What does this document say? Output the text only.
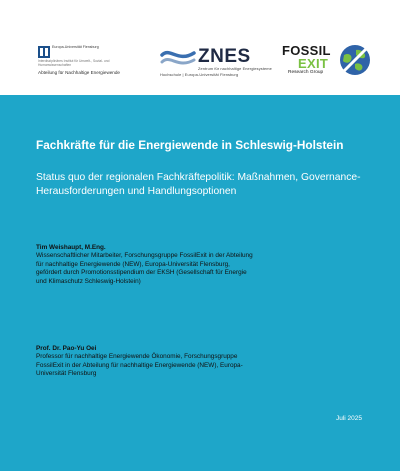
Europa-Universität Flensburg
Interdisziplinäres Institut für Umwelt-, Sozial- und Humanwissenschaften
Abteilung für Nachhaltige Energiewende
ZNES
Zentrum für nachhaltige Energiesysteme
Hochschule | Europa-Universität Flensburg
FOSSIL
EXIT
Research Group
Fachkräfte für die Energiewende in Schleswig-Holstein
Status quo der regionalen Fachkräftepolitik: Maßnahmen, Governance-Herausforderungen und Handlungsoptionen
Tim Weishaupt, M.Eng.
Wissenschaftlicher Mitarbeiter, Forschungsgruppe FossilExit in der Abteilung für nachhaltige Energiewende (NEW), Europa-Universität Flensburg, gefördert durch Promotionsstipendium der EKSH (Gesellschaft für Energie und Klimaschutz Schleswig-Holstein)
Prof. Dr. Pao-Yu Oei
Professor für nachhaltige Energiewende Ökonomie, Forschungsgruppe FossilExit in der Abteilung für nachhaltige Energiewende (NEW), Europa-Universität Flensburg
Juli 2025
